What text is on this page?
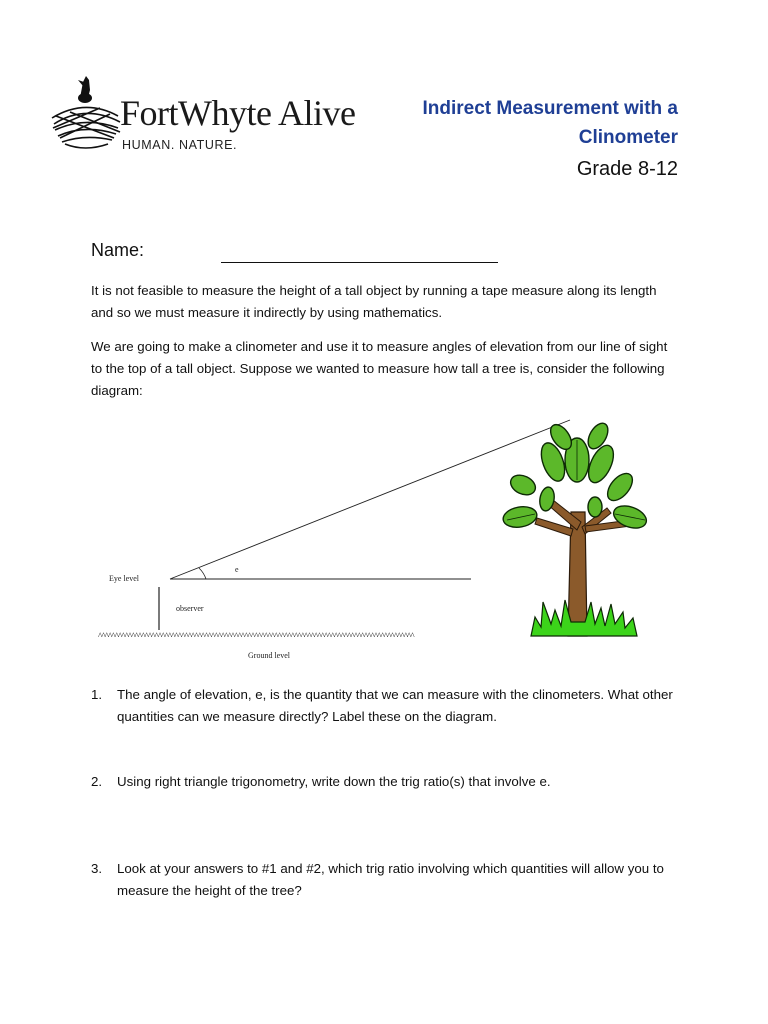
FortWhyte Alive
HUMAN. NATURE.
Indirect Measurement with a
Clinometer
Grade 8-12
Name:
It is not feasible to measure the height of a tall object by running a tape measure along its length and so we must measure it indirectly by using mathematics.
We are going to make a clinometer and use it to measure angles of elevation from our line of sight to the top of a tall object. Suppose we wanted to measure how tall a tree is, consider the following diagram:
Eye level
e
observer
^^^^^^^^^^^^^^^^^^^^^^^^^^^^^^^^^^^^^^^^^^^^^^^^^^^^^^^^^^^^^^^^^^^^^^^^^^^^^^^^^^^^^^^^^^^^^^^
Ground level
1. The angle of elevation, e, is the quantity that we can measure with the clinometers. What other quantities can we measure directly? Label these on the diagram.
2. Using right triangle trigonometry, write down the trig ratio(s) that involve e.
3. Look at your answers to #1 and #2, which trig ratio involving which quantities will allow you to measure the height of the tree?
